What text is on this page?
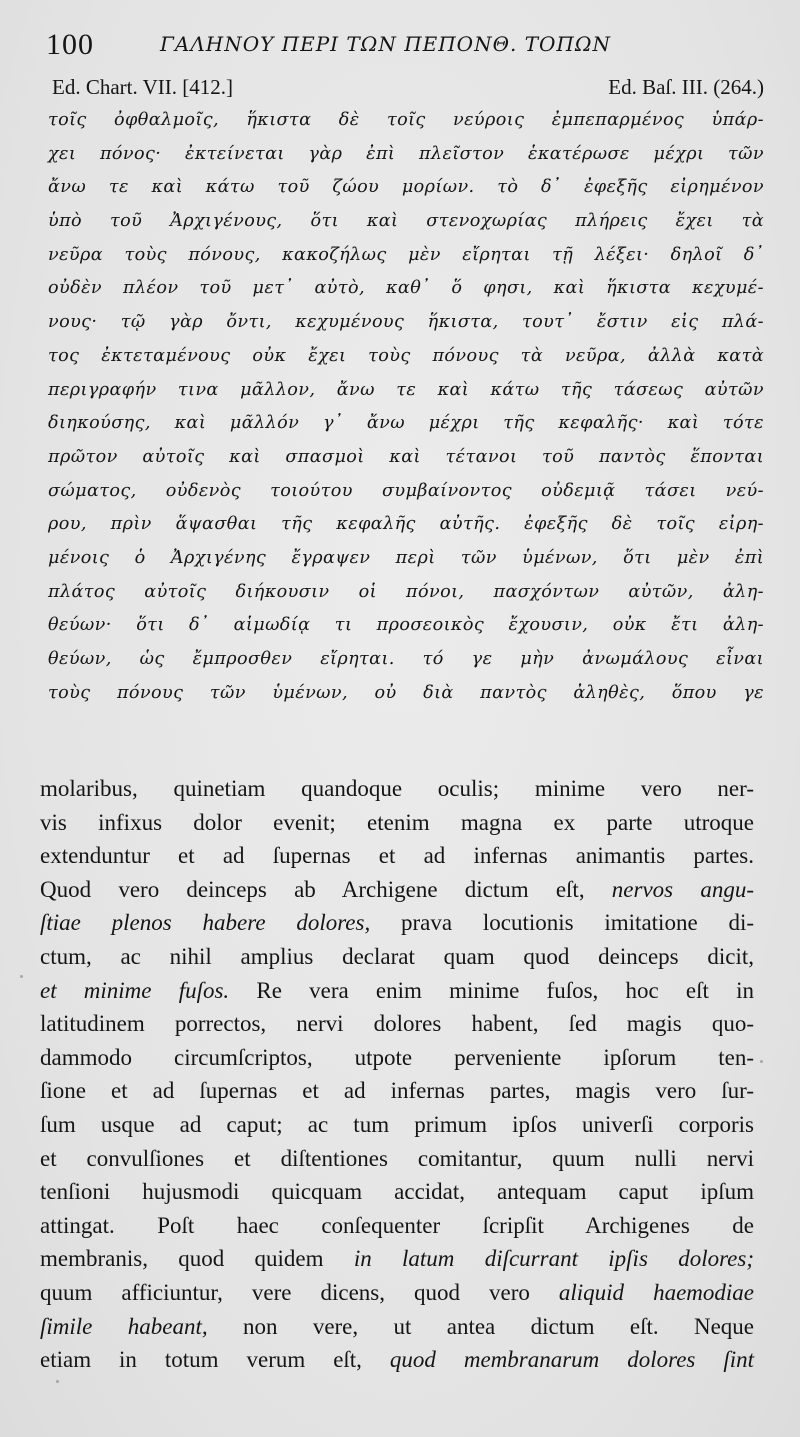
100	ΓΑΛΗΝΟΥ ΠΕΡΙ ΤΩΝ ΠΕΠΟΝΘ. ΤΟΠΩΝ
Ed. Chart. VII. [412.]	Ed. Baſ. III. (264.)
τοῖς ὀφθαλμοῖς, ἥκιστα δὲ τοῖς νεύροις ἐμπεπαρμένος ὑπάρ-
χει πόνος· ἐκτείνεται γὰρ ἐπὶ πλεῖστον ἑκατέρωσε μέχρι τῶν
ἄνω τε καὶ κάτω τοῦ ζώου μορίων. τὸ δ᾽ ἐφεξῆς εἰρημένον
ὑπὸ τοῦ Ἀρχιγένους, ὅτι καὶ στενοχωρίας πλήρεις ἔχει τὰ
νεῦρα τοὺς πόνους, κακοζήλως μὲν εἴρηται τῇ λέξει· δηλοῖ δ᾽
οὐδὲν πλέον τοῦ μετ᾽ αὐτὸ, καθ᾽ ὅ φησι, καὶ ἥκιστα κεχυμέ-
νους· τῷ γὰρ ὄντι, κεχυμένους ἥκιστα, τουτ᾽ ἔστιν εἰς πλά-
τος ἐκτεταμένους οὐκ ἔχει τοὺς πόνους τὰ νεῦρα, ἀλλὰ κατὰ
περιγραφήν τινα μᾶλλον, ἄνω τε καὶ κάτω τῆς τάσεως αὐτῶν
διηκούσης, καὶ μᾶλλόν γ᾽ ἄνω μέχρι τῆς κεφαλῆς· καὶ τότε
πρῶτον αὐτοῖς καὶ σπασμοὶ καὶ τέτανοι τοῦ παντὸς ἕπονται
σώματος, οὐδενὸς τοιούτου συμβαίνοντος οὐδεμιᾷ τάσει νεύ-
ρου, πρὶν ἅψασθαι τῆς κεφαλῆς αὐτῆς. ἐφεξῆς δὲ τοῖς εἰρη-
μένοις ὁ Ἀρχιγένης ἔγραψεν περὶ τῶν ὑμένων, ὅτι μὲν ἐπὶ
πλάτος αὐτοῖς διήκουσιν οἱ πόνοι, πασχόντων αὐτῶν, ἀλη-
θεύων· ὅτι δ᾽ αἱμωδίᾳ τι προσεοικὸς ἔχουσιν, οὐκ ἔτι ἀλη-
θεύων, ὡς ἔμπροσθεν εἴρηται. τό γε μὴν ἀνωμάλους εἶναι
τοὺς πόνους τῶν ὑμένων, οὐ διὰ παντὸς ἀληθὲς, ὅπου γε
molaribus, quinetiam quandoque oculis; minime vero ner-
vis infixus dolor evenit; etenim magna ex parte utroque
extenduntur et ad ſupernas et ad infernas animantis partes.
Quod vero deinceps ab Archigene dictum eſt, nervos angu-
ſtiae plenos habere dolores, prava locutionis imitatione di-
ctum, ac nihil amplius declarat quam quod deinceps dicit,
et minime fuſos. Re vera enim minime fuſos, hoc eſt in
latitudinem porrectos, nervi dolores habent, ſed magis quo-
dammodo circumſcriptos, utpote perveniente ipſorum ten-
ſione et ad ſupernas et ad infernas partes, magis vero ſur-
ſum usque ad caput; ac tum primum ipſos univerſi corporis
et convulſiones et diſtentiones comitantur, quum nulli nervi
tenſioni hujusmodi quicquam accidat, antequam caput ipſum
attingat. Poſt haec conſequenter ſcripſit Archigenes de
membranis, quod quidem in latum diſcurrant ipſis dolores;
quum afficiuntur, vere dicens, quod vero aliquid haemodiae
ſimile habeant, non vere, ut antea dictum eſt. Neque
etiam in totum verum eſt, quod membranarum dolores ſint
